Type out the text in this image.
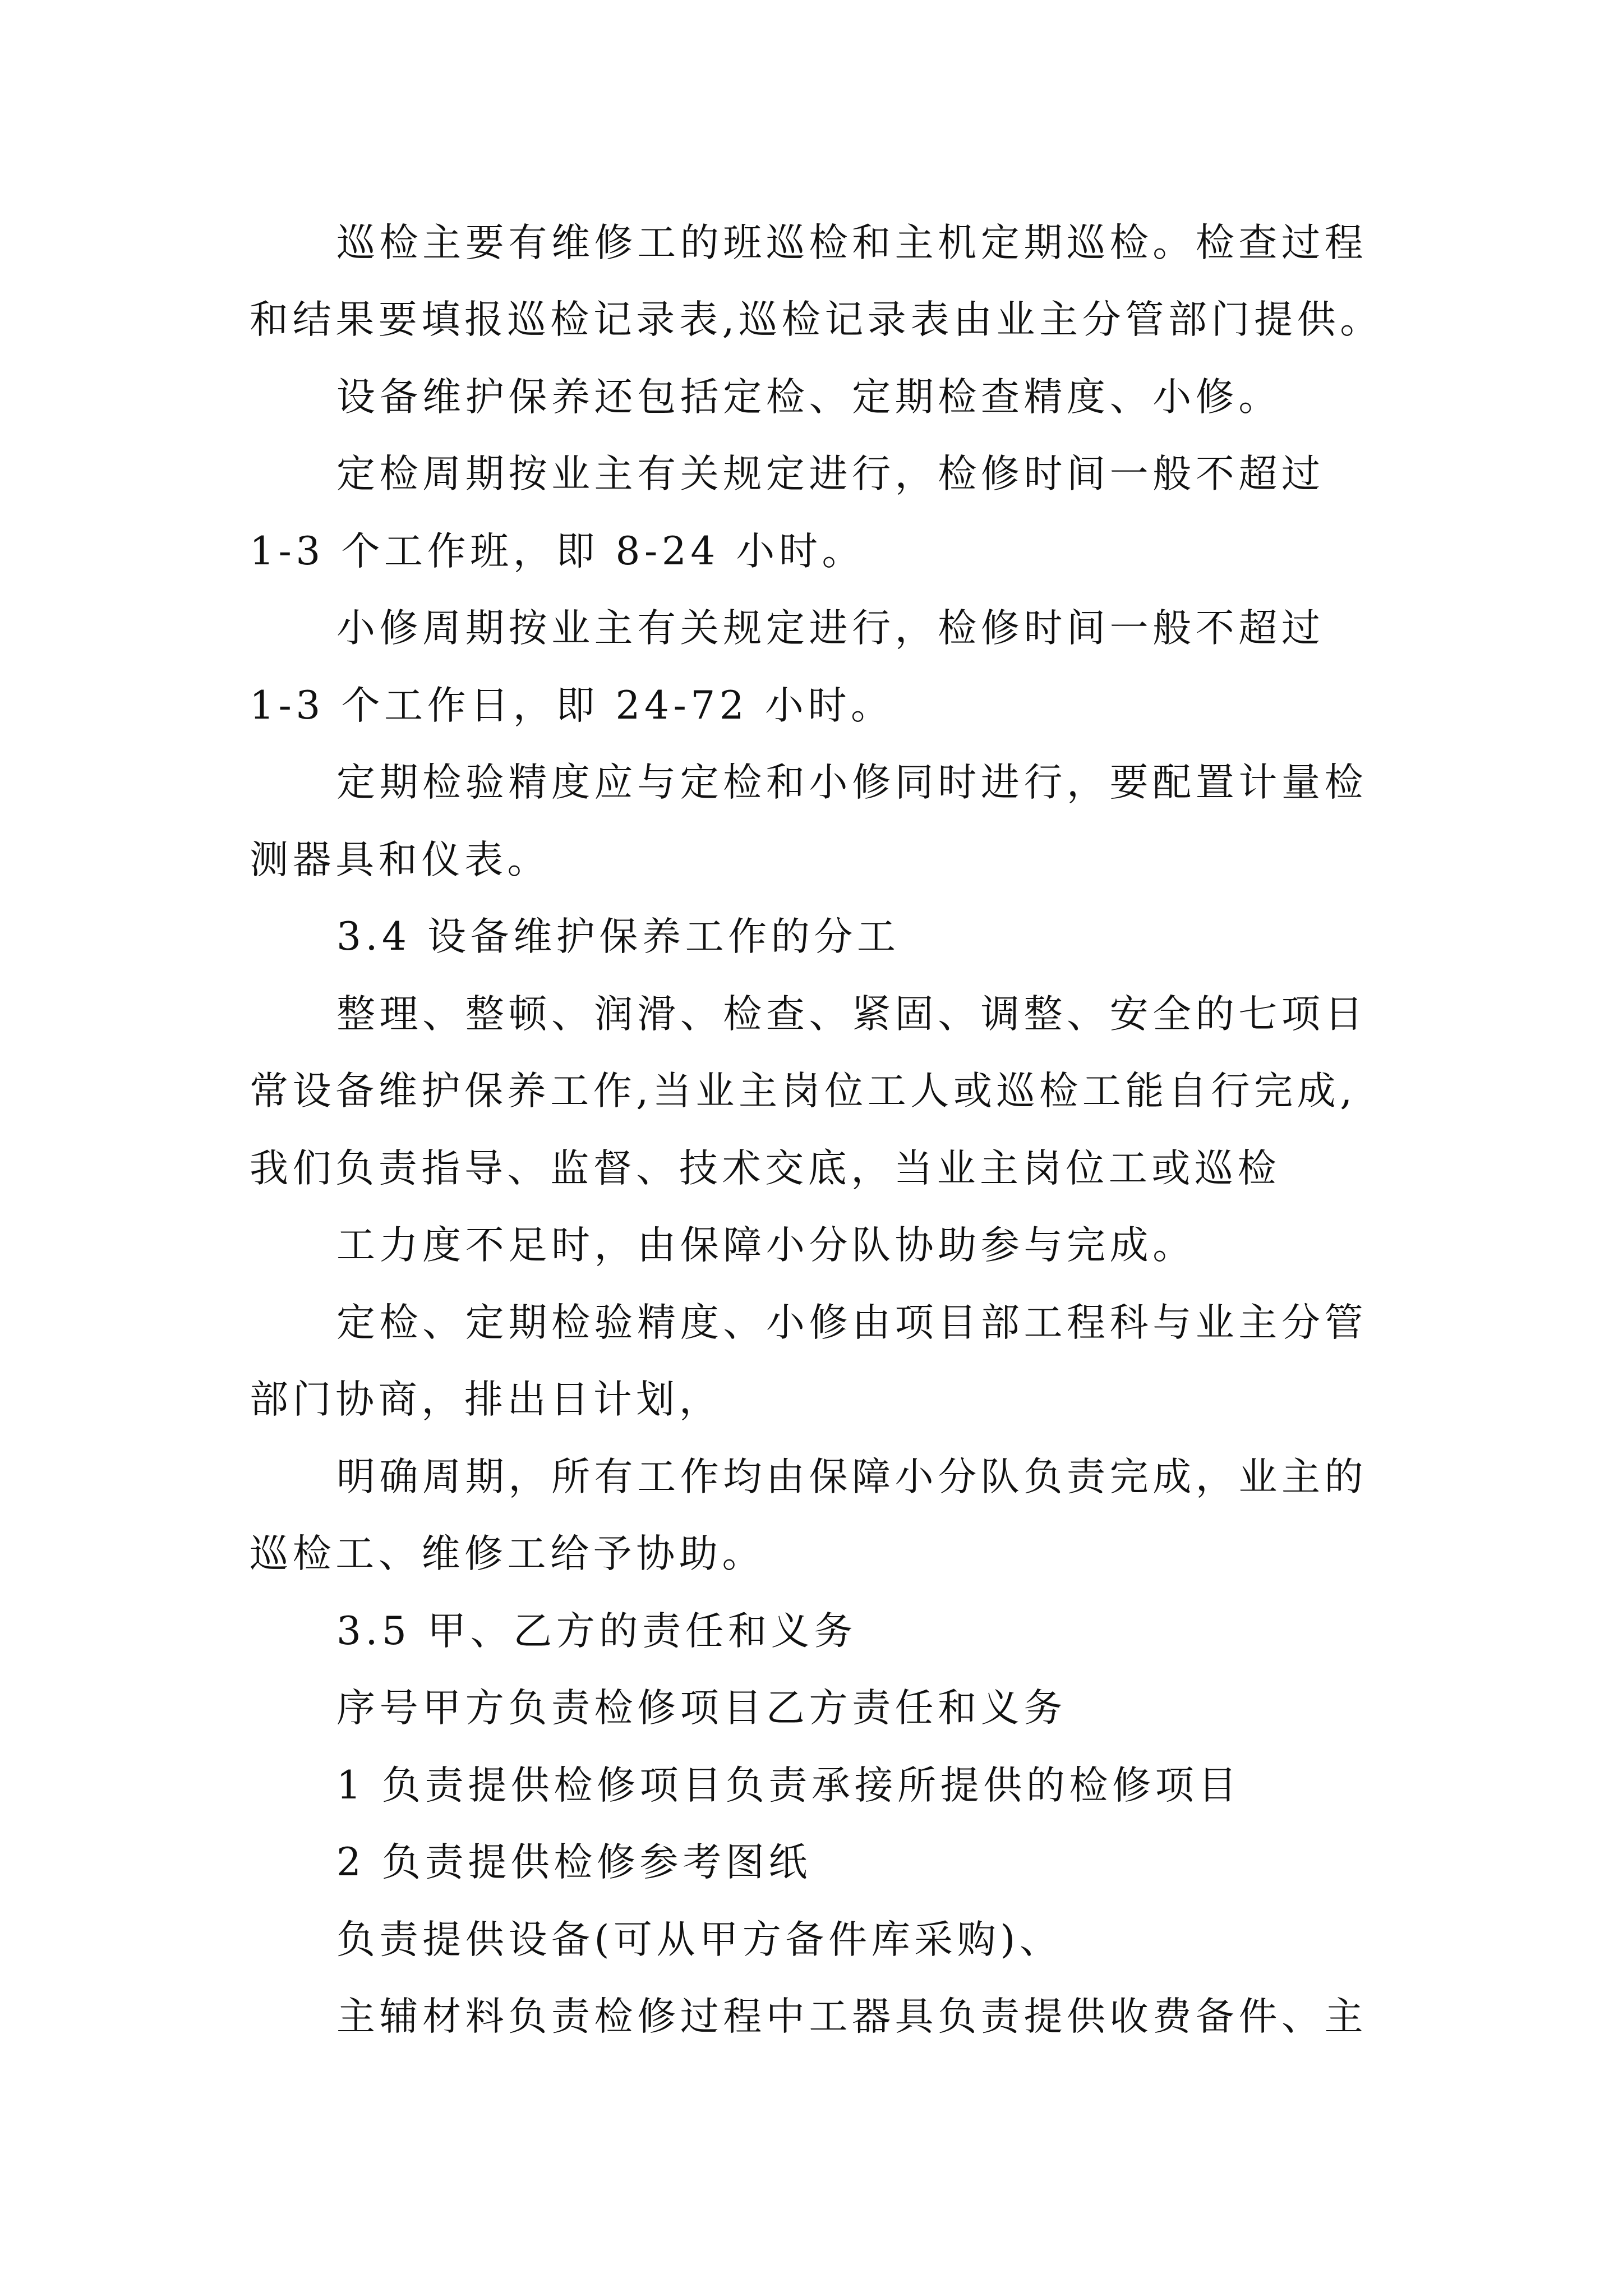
巡检主要有维修工的班巡检和主机定期巡检。检查过程
和结果要填报巡检记录表,巡检记录表由业主分管部门提供。
设备维护保养还包括定检、定期检查精度、小修。
定检周期按业主有关规定进行，检修时间一般不超过
1-3 个工作班，即 8-24 小时。
小修周期按业主有关规定进行，检修时间一般不超过
1-3 个工作日，即 24-72 小时。
定期检验精度应与定检和小修同时进行，要配置计量检
测器具和仪表。
3.4 设备维护保养工作的分工
整理、整顿、润滑、检查、紧固、调整、安全的七项日
常设备维护保养工作,当业主岗位工人或巡检工能自行完成,
我们负责指导、监督、技术交底，当业主岗位工或巡检
工力度不足时，由保障小分队协助参与完成。
定检、定期检验精度、小修由项目部工程科与业主分管
部门协商，排出日计划，
明确周期，所有工作均由保障小分队负责完成，业主的
巡检工、维修工给予协助。
3.5 甲、乙方的责任和义务
序号甲方负责检修项目乙方责任和义务
1 负责提供检修项目负责承接所提供的检修项目
2 负责提供检修参考图纸
负责提供设备(可从甲方备件库采购)、
主辅材料负责检修过程中工器具负责提供收费备件、主
